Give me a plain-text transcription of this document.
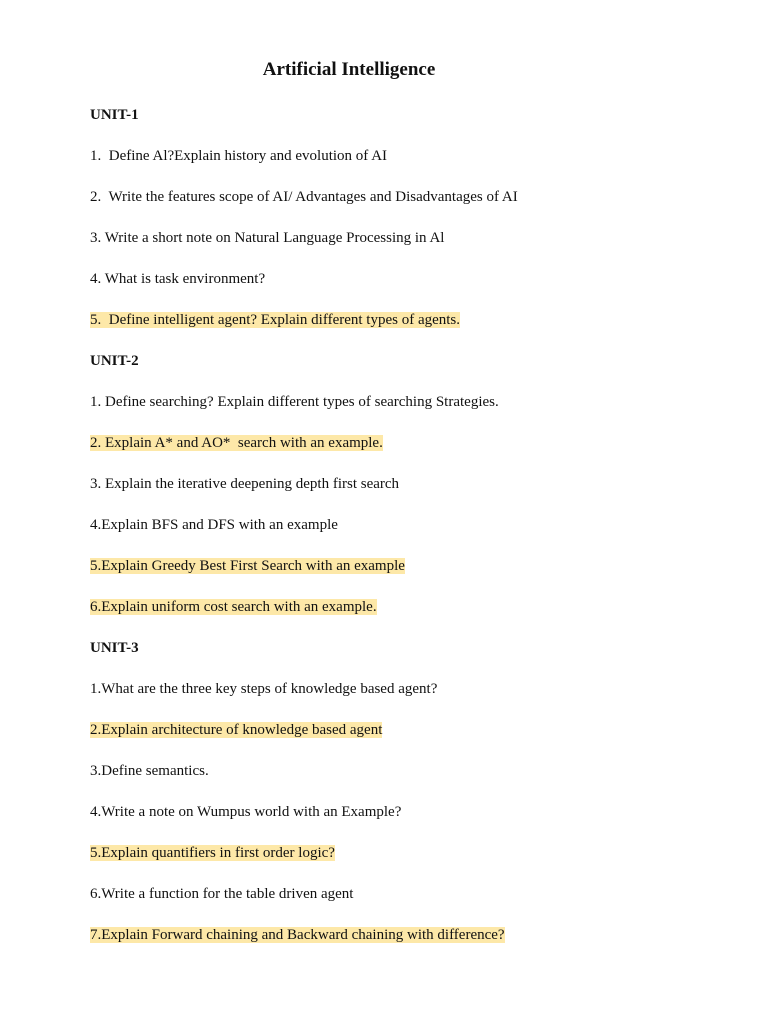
Artificial Intelligence
UNIT-1
1.  Define Al?Explain history and evolution of AI
2.  Write the features scope of AI/ Advantages and Disadvantages of AI
3. Write a short note on Natural Language Processing in Al
4. What is task environment?
5.  Define intelligent agent? Explain different types of agents.
UNIT-2
1. Define searching? Explain different types of searching Strategies.
2. Explain A* and AO*  search with an example.
3. Explain the iterative deepening depth first search
4.Explain BFS and DFS with an example
5.Explain Greedy Best First Search with an example
6.Explain uniform cost search with an example.
UNIT-3
1.What are the three key steps of knowledge based agent?
2.Explain architecture of knowledge based agent
3.Define semantics.
4.Write a note on Wumpus world with an Example?
5.Explain quantifiers in first order logic?
6.Write a function for the table driven agent
7.Explain Forward chaining and Backward chaining with difference?
